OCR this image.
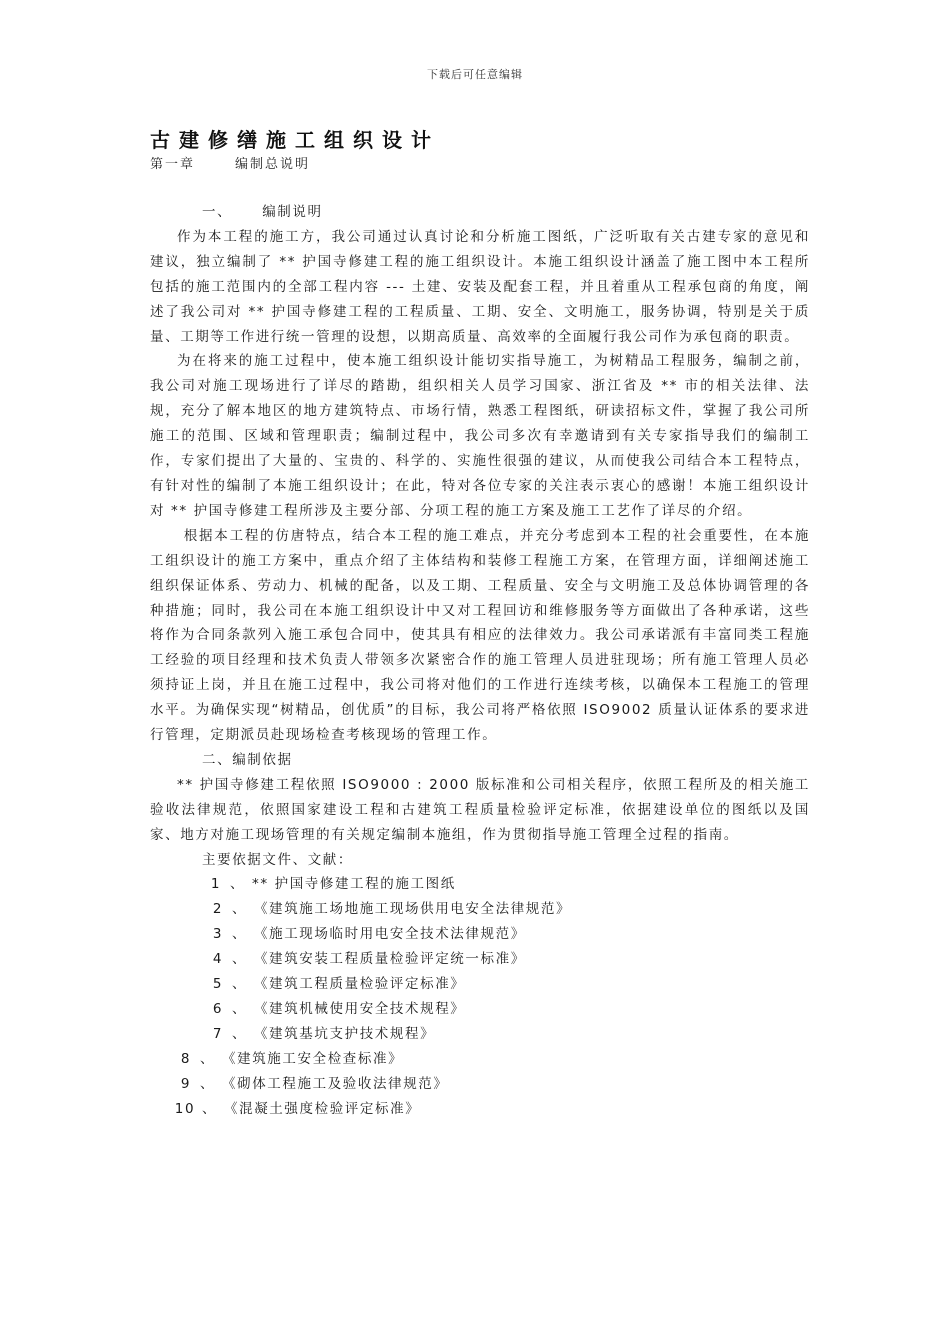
下载后可任意编辑
古建修缮施工组织设计
第一章	编制总说明

一、 编制说明

作为本工程的施工方，我公司通过认真讨论和分析施工图纸，广泛听取有关古建专家的意见和建议，独立编制了 ** 护国寺修建工程的施工组织设计。本施工组织设计涵盖了施工图中本工程所包括的施工范围内的全部工程内容 --- 土建、安装及配套工程，并且着重从工程承包商的角度，阐述了我公司对 ** 护国寺修建工程的工程质量、工期、安全、文明施工，服务协调，特别是关于质量、工期等工作进行统一管理的设想，以期高质量、高效率的全面履行我公司作为承包商的职责。

为在将来的施工过程中，使本施工组织设计能切实指导施工，为树精品工程服务，编制之前，我公司对施工现场进行了详尽的踏勘，组织相关人员学习国家、浙江省及 ** 市的相关法律、法规，充分了解本地区的地方建筑特点、市场行情，熟悉工程图纸，研读招标文件，掌握了我公司所施工的范围、区域和管理职责；编制过程中，我公司多次有幸邀请到有关专家指导我们的编制工作，专家们提出了大量的、宝贵的、科学的、实施性很强的建议，从而使我公司结合本工程特点，有针对性的编制了本施工组织设计；在此，特对各位专家的关注表示衷心的感谢！本施工组织设计对 ** 护国寺修建工程所涉及主要分部、分项工程的施工方案及施工工艺作了详尽的介绍。

根据本工程的仿唐特点，结合本工程的施工难点，并充分考虑到本工程的社会重要性，在本施工组织设计的施工方案中，重点介绍了主体结构和装修工程施工方案，在管理方面，详细阐述施工组织保证体系、劳动力、机械的配备，以及工期、工程质量、安全与文明施工及总体协调管理的各种措施；同时，我公司在本施工组织设计中又对工程回访和维修服务等方面做出了各种承诺，这些将作为合同条款列入施工承包合同中，使其具有相应的法律效力。我公司承诺派有丰富同类工程施工经验的项目经理和技术负责人带领多次紧密合作的施工管理人员进驻现场；所有施工管理人员必须持证上岗，并且在施工过程中，我公司将对他们的工作进行连续考核，以确保本工程施工的管理水平。为确保实现“树精品，创优质”的目标，我公司将严格依照 ISO9002 质量认证体系的要求进行管理，定期派员赴现场检查考核现场的管理工作。

二、编制依据

** 护国寺修建工程依照 ISO9000 : 2000 版标准和公司相关程序，依照工程所及的相关施工验收法律规范，依照国家建设工程和古建筑工程质量检验评定标准，依据建设单位的图纸以及国家、地方对施工现场管理的有关规定编制本施组，作为贯彻指导施工管理全过程的指南。

主要依据文件、文献：

1 、 ** 护国寺修建工程的施工图纸

2 、 《建筑施工场地施工现场供用电安全法律规范》

3 、 《施工现场临时用电安全技术法律规范》

4 、 《建筑安装工程质量检验评定统一标准》

5 、 《建筑工程质量检验评定标准》

6 、 《建筑机械使用安全技术规程》

7 、 《建筑基坑支护技术规程》

8 、 《建筑施工安全检查标准》

9 、 《砌体工程施工及验收法律规范》

10 、 《混凝土强度检验评定标准》
